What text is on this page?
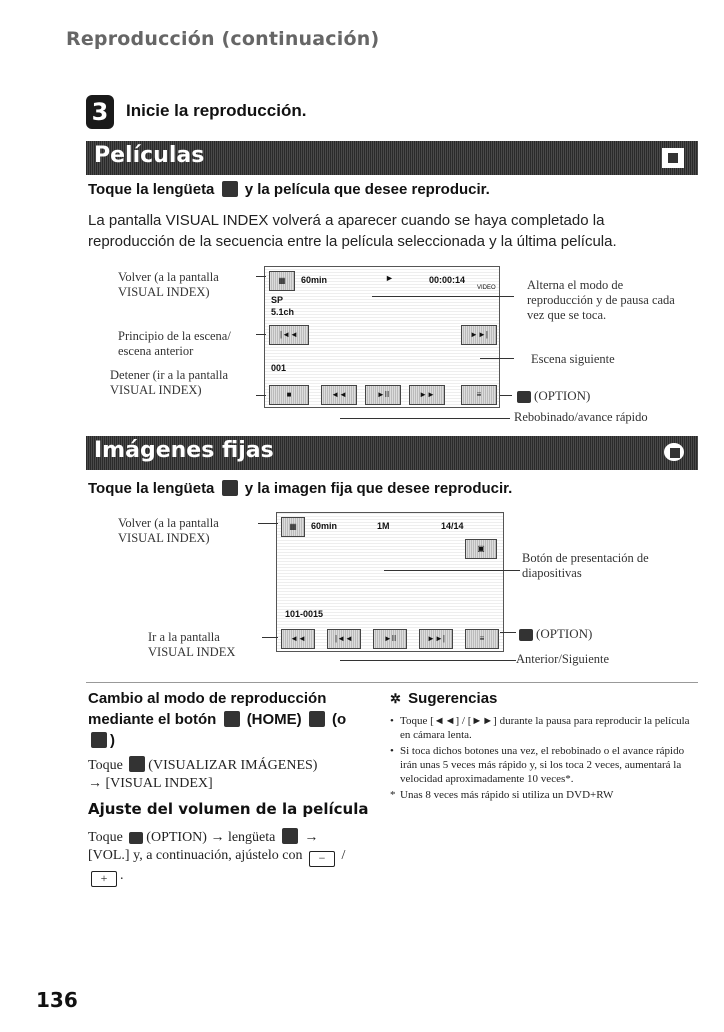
Reproducción (continuación)
3	Inicie la reproducción.
Películas
Toque la lengüeta y la película que desee reproducir.
La pantalla VISUAL INDEX volverá a aparecer cuando se haya completado la reproducción de la secuencia entre la película seleccionada y la última película.
Volver (a la pantalla VISUAL INDEX)
Principio de la escena/ escena anterior
Detener (ir a la pantalla VISUAL INDEX)
▦	60min	►	00:00:14
VIDEO
SP
5.1ch
|◄◄	►►|
001
■	◄◄	►II	►►	≡
Alterna el modo de reproducción y de pausa cada vez que se toca.
Escena siguiente
(OPTION)
Rebobinado/avance rápido
Imágenes fijas
Toque la lengüeta y la imagen fija que desee reproducir.
Volver (a la pantalla VISUAL INDEX)
Ir a la pantalla VISUAL INDEX
▦	60min	1M	14/14
▣
101-0015
◄◄	|◄◄	►II	►►|	≡
Botón de presentación de diapositivas
(OPTION)
Anterior/Siguiente
Cambio al modo de reproducción
mediante el botón (HOME) (o
)
Toque (VISUALIZAR IMÁGENES)
→ [VISUAL INDEX]
Ajuste del volumen de la película
Toque (OPTION) → lengüeta →
[VOL.] y, a continuación, ajústelo con − /
+ .
✲ Sugerencias
• Toque [◄◄] / [►►] durante la pausa para reproducir la película en cámara lenta.
• Si toca dichos botones una vez, el rebobinado o el avance rápido irán unas 5 veces más rápido y, si los toca 2 veces, aumentará la velocidad aproximadamente 10 veces*.
* Unas 8 veces más rápido si utiliza un DVD+RW
136
